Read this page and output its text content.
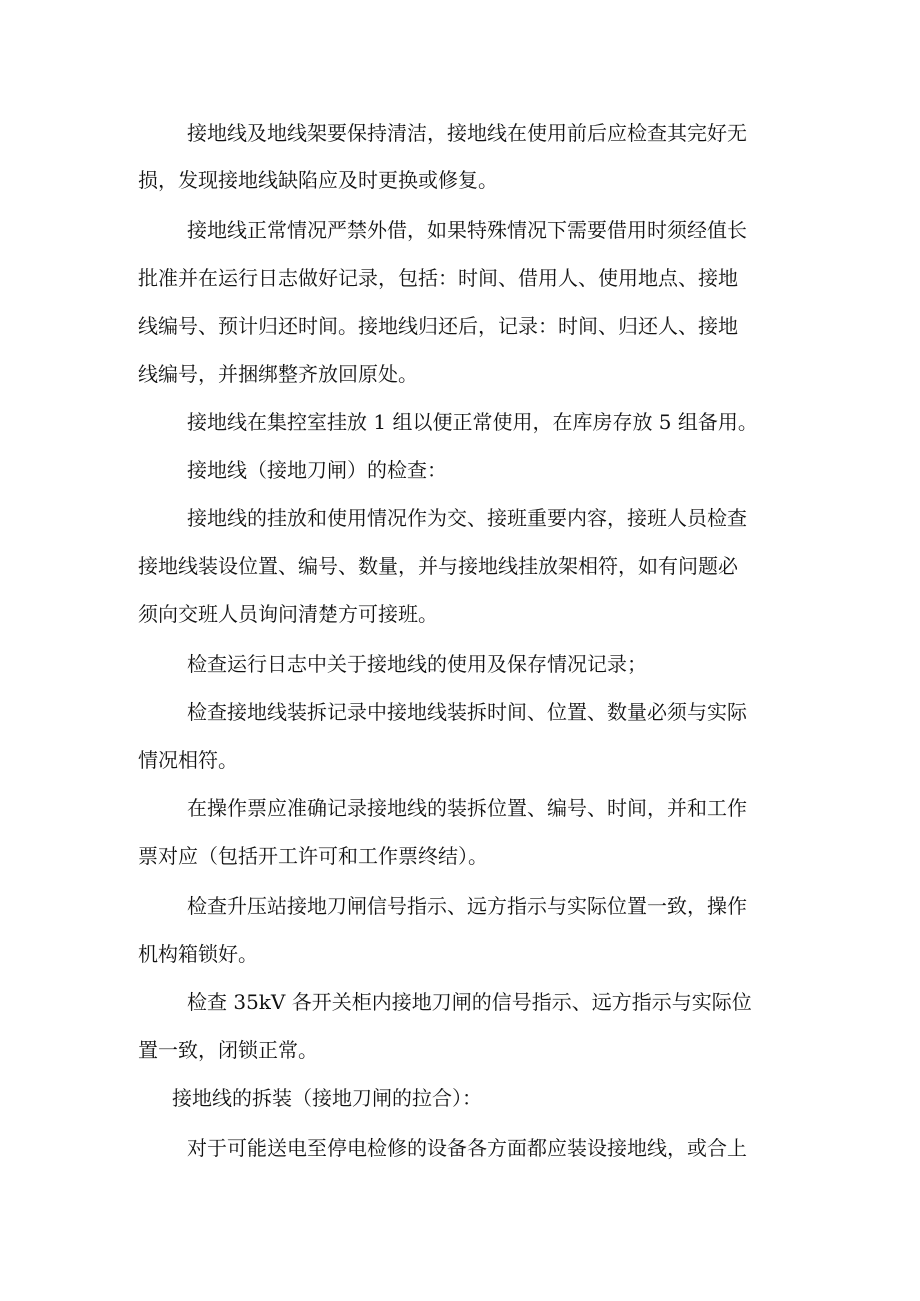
接地线及地线架要保持清洁，接地线在使用前后应检查其完好无

损，发现接地线缺陷应及时更换或修复。

接地线正常情况严禁外借，如果特殊情况下需要借用时须经值长

批准并在运行日志做好记录，包括：时间、借用人、使用地点、接地

线编号、预计归还时间。接地线归还后，记录：时间、归还人、接地

线编号，并捆绑整齐放回原处。

接地线在集控室挂放 1 组以便正常使用，在库房存放 5 组备用。

接地线（接地刀闸）的检查：

接地线的挂放和使用情况作为交、接班重要内容，接班人员检查

接地线装设位置、编号、数量，并与接地线挂放架相符，如有问题必

须向交班人员询问清楚方可接班。

检查运行日志中关于接地线的使用及保存情况记录；

检查接地线装拆记录中接地线装拆时间、位置、数量必须与实际

情况相符。

在操作票应准确记录接地线的装拆位置、编号、时间，并和工作

票对应（包括开工许可和工作票终结）。

检查升压站接地刀闸信号指示、远方指示与实际位置一致，操作

机构箱锁好。

检查 35kV 各开关柜内接地刀闸的信号指示、远方指示与实际位

置一致，闭锁正常。

接地线的拆装（接地刀闸的拉合）：

对于可能送电至停电检修的设备各方面都应装设接地线，或合上
